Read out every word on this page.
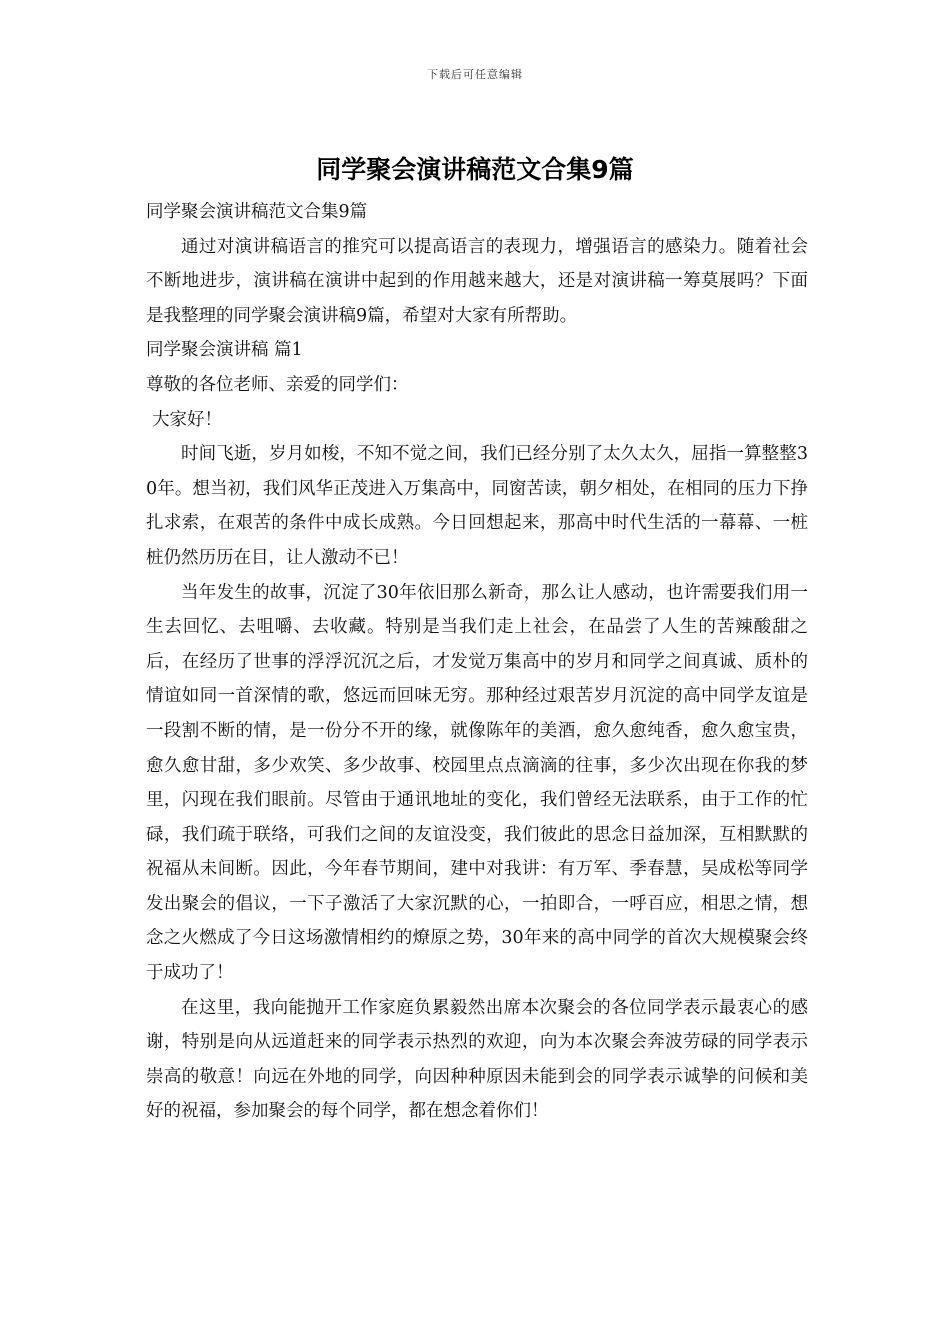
下载后可任意编辑
同学聚会演讲稿范文合集9篇

同学聚会演讲稿范文合集9篇

通过对演讲稿语言的推究可以提高语言的表现力，增强语言的感染力。随着社会不断地进步，演讲稿在演讲中起到的作用越来越大，还是对演讲稿一筹莫展吗？下面是我整理的同学聚会演讲稿9篇，希望对大家有所帮助。

同学聚会演讲稿 篇1

尊敬的各位老师、亲爱的同学们：

大家好！

时间飞逝，岁月如梭，不知不觉之间，我们已经分别了太久太久，屈指一算整整30年。想当初，我们风华正茂进入万集高中，同窗苦读，朝夕相处，在相同的压力下挣扎求索，在艰苦的条件中成长成熟。今日回想起来，那高中时代生活的一幕幕、一桩桩仍然历历在目，让人激动不已！

当年发生的故事，沉淀了30年依旧那么新奇，那么让人感动，也许需要我们用一生去回忆、去咀嚼、去收藏。特别是当我们走上社会，在品尝了人生的苦辣酸甜之后，在经历了世事的浮浮沉沉之后，才发觉万集高中的岁月和同学之间真诚、质朴的情谊如同一首深情的歌，悠远而回味无穷。那种经过艰苦岁月沉淀的高中同学友谊是一段割不断的情，是一份分不开的缘，就像陈年的美酒，愈久愈纯香，愈久愈宝贵，愈久愈甘甜，多少欢笑、多少故事、校园里点点滴滴的往事，多少次出现在你我的梦里，闪现在我们眼前。尽管由于通讯地址的变化，我们曾经无法联系，由于工作的忙碌，我们疏于联络，可我们之间的友谊没变，我们彼此的思念日益加深，互相默默的祝福从未间断。因此，今年春节期间，建中对我讲：有万军、季春慧，吴成松等同学发出聚会的倡议，一下子激活了大家沉默的心，一拍即合，一呼百应，相思之情，想念之火燃成了今日这场激情相约的燎原之势，30年来的高中同学的首次大规模聚会终于成功了！

在这里，我向能抛开工作家庭负累毅然出席本次聚会的各位同学表示最衷心的感谢，特别是向从远道赶来的同学表示热烈的欢迎，向为本次聚会奔波劳碌的同学表示崇高的敬意！向远在外地的同学，向因种种原因未能到会的同学表示诚挚的问候和美好的祝福，参加聚会的每个同学，都在想念着你们！
